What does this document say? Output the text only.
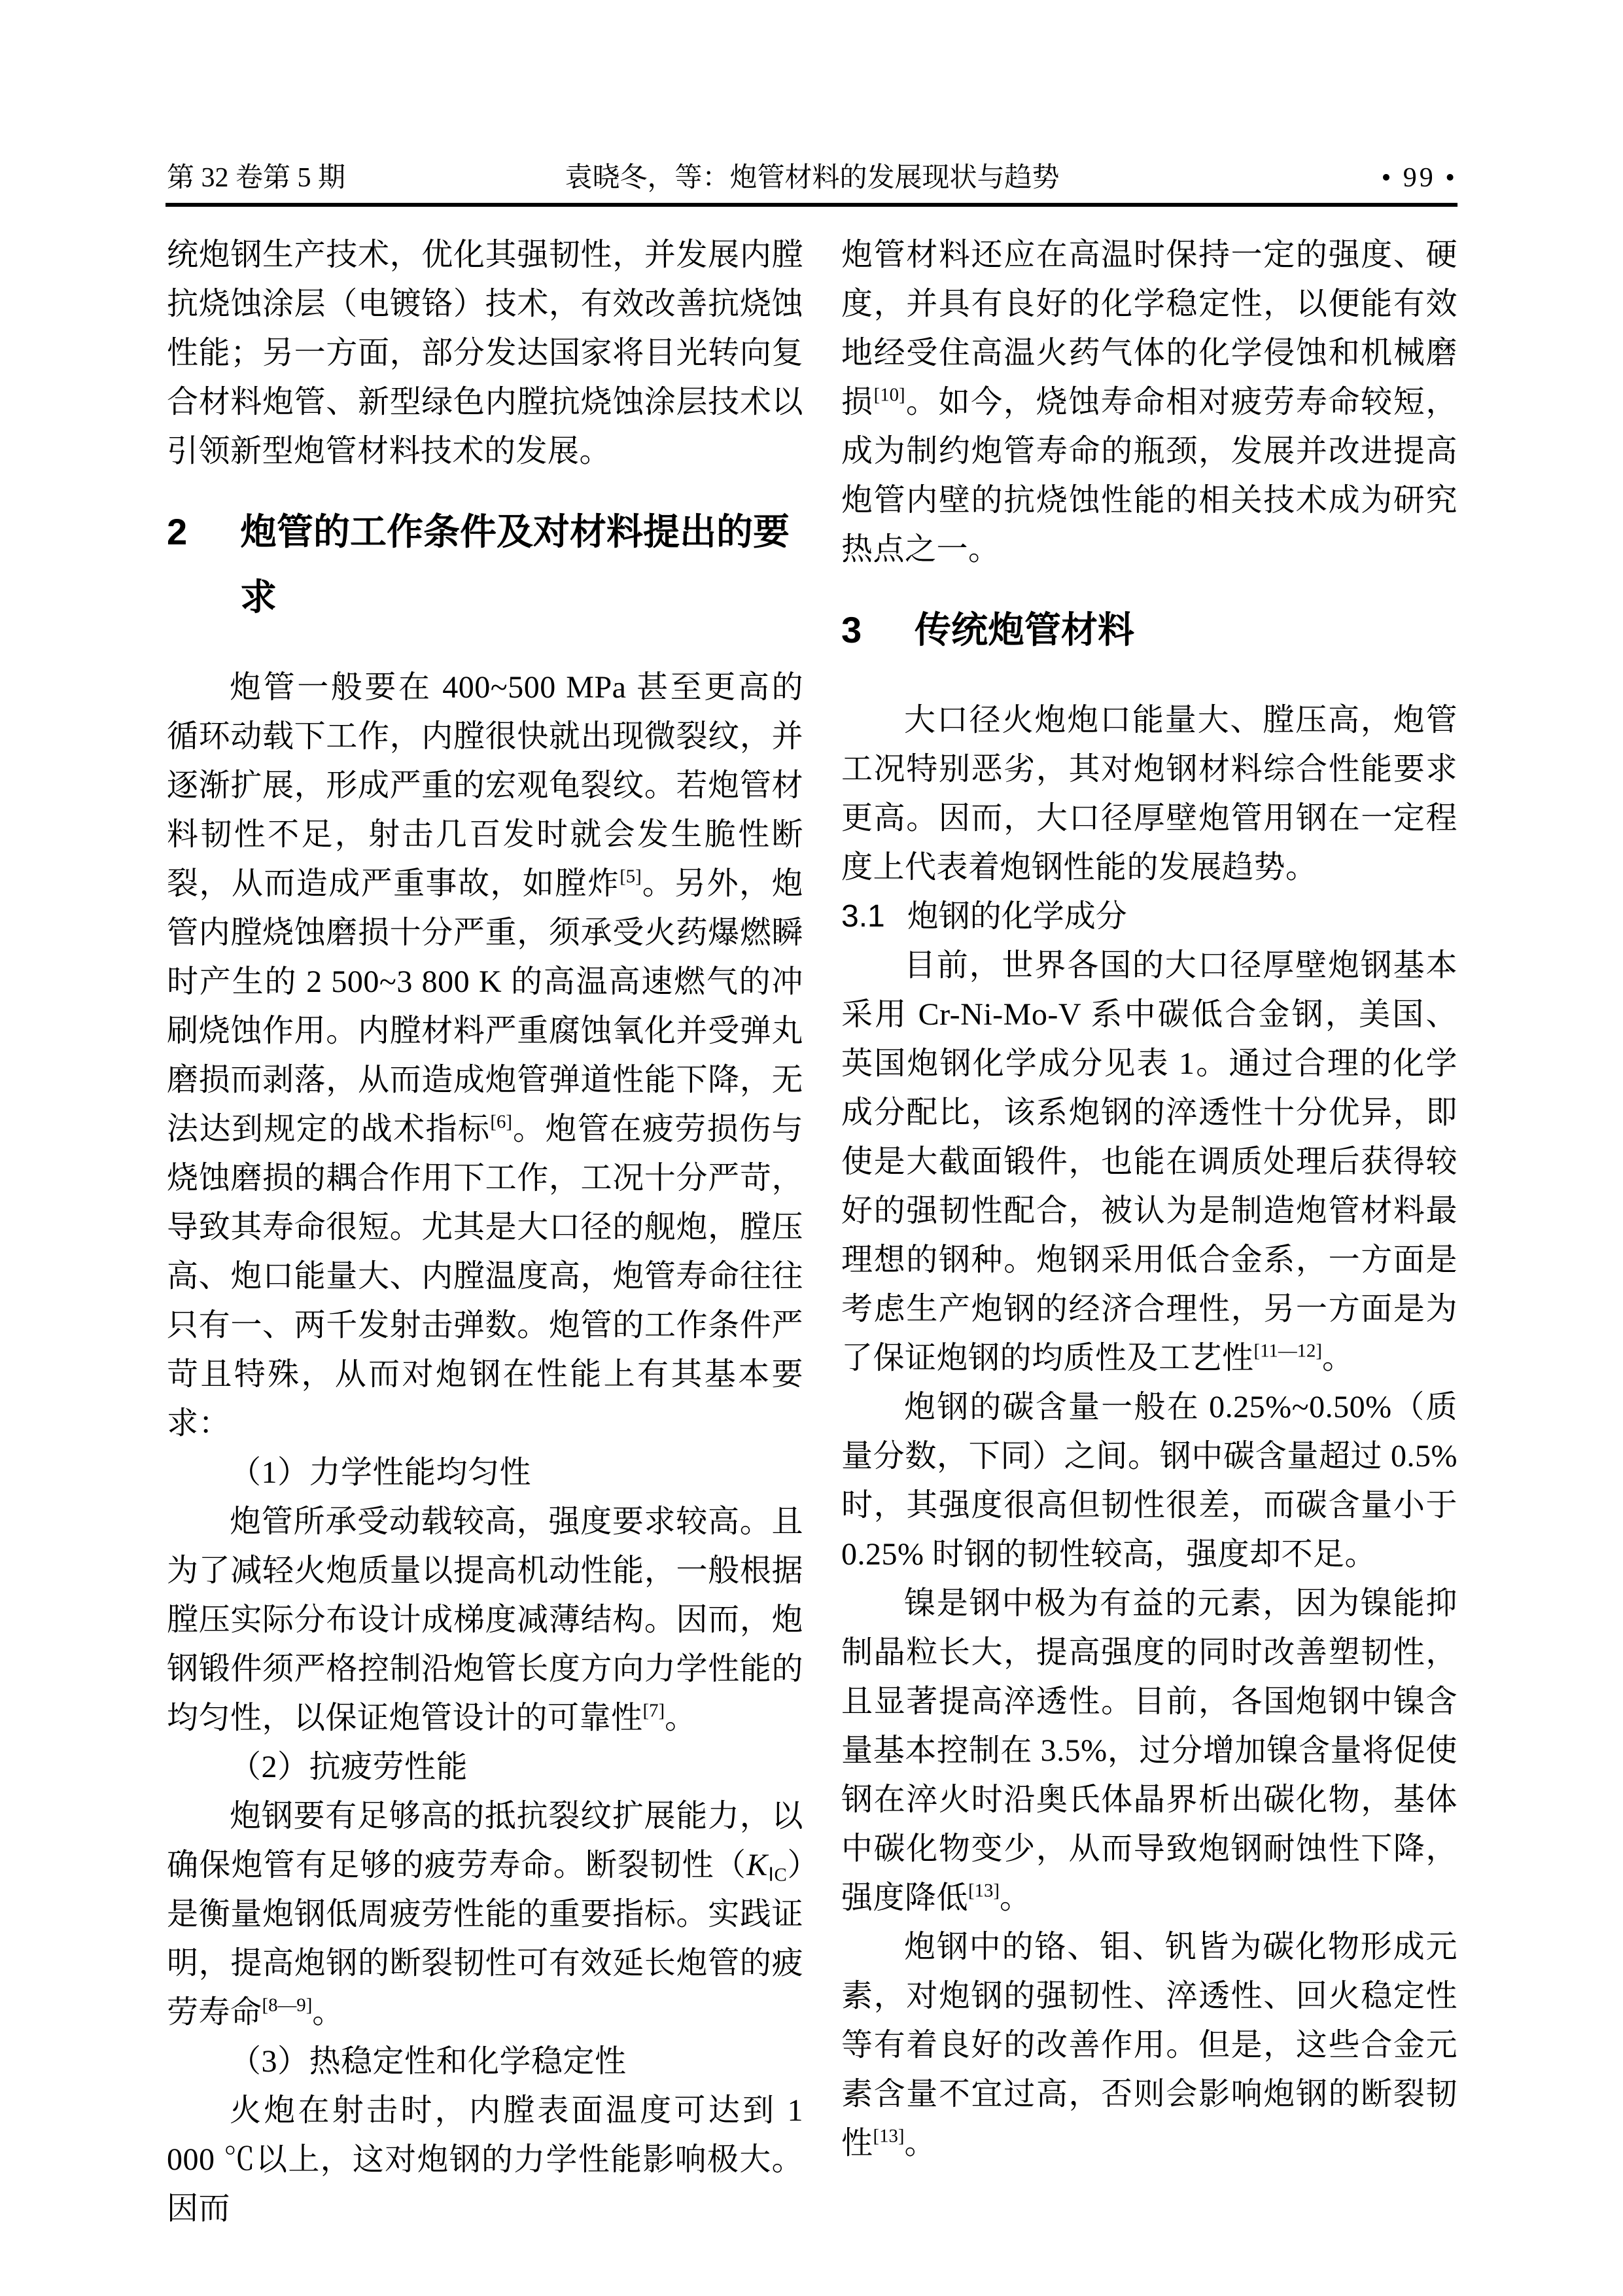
第 32 卷第 5 期	袁晓冬，等：炮管材料的发展现状与趋势	• 99 •

统炮钢生产技术，优化其强韧性，并发展内膛抗烧蚀涂层（电镀铬）技术，有效改善抗烧蚀性能；另一方面，部分发达国家将目光转向复合材料炮管、新型绿色内膛抗烧蚀涂层技术以引领新型炮管材料技术的发展。

2 炮管的工作条件及对材料提出的要求

炮管一般要在 400~500 MPa 甚至更高的循环动载下工作，内膛很快就出现微裂纹，并逐渐扩展，形成严重的宏观龟裂纹。若炮管材料韧性不足，射击几百发时就会发生脆性断裂，从而造成严重事故，如膛炸[5]。另外，炮管内膛烧蚀磨损十分严重，须承受火药爆燃瞬时产生的 2 500~3 800 K 的高温高速燃气的冲刷烧蚀作用。内膛材料严重腐蚀氧化并受弹丸磨损而剥落，从而造成炮管弹道性能下降，无法达到规定的战术指标[6]。炮管在疲劳损伤与烧蚀磨损的耦合作用下工作，工况十分严苛，导致其寿命很短。尤其是大口径的舰炮，膛压高、炮口能量大、内膛温度高，炮管寿命往往只有一、两千发射击弹数。炮管的工作条件严苛且特殊，从而对炮钢在性能上有其基本要求：

（1）力学性能均匀性

炮管所承受动载较高，强度要求较高。且为了减轻火炮质量以提高机动性能，一般根据膛压实际分布设计成梯度减薄结构。因而，炮钢锻件须严格控制沿炮管长度方向力学性能的均匀性，以保证炮管设计的可靠性[7]。

（2）抗疲劳性能

炮钢要有足够高的抵抗裂纹扩展能力，以确保炮管有足够的疲劳寿命。断裂韧性$(K_{ⅠC})$是衡量炮钢低周疲劳性能的重要指标。实践证明，提高炮钢的断裂韧性可有效延长炮管的疲劳寿命[8—9]。

（3）热稳定性和化学稳定性

火炮在射击时，内膛表面温度可达到 1 000 ℃以上，这对炮钢的力学性能影响极大。因而

炮管材料还应在高温时保持一定的强度、硬度，并具有良好的化学稳定性，以便能有效地经受住高温火药气体的化学侵蚀和机械磨损[10]。如今，烧蚀寿命相对疲劳寿命较短，成为制约炮管寿命的瓶颈，发展并改进提高炮管内壁的抗烧蚀性能的相关技术成为研究热点之一。

3 传统炮管材料

大口径火炮炮口能量大、膛压高，炮管工况特别恶劣，其对炮钢材料综合性能要求更高。因而，大口径厚壁炮管用钢在一定程度上代表着炮钢性能的发展趋势。

3.1 炮钢的化学成分

目前，世界各国的大口径厚壁炮钢基本采用 Cr-Ni-Mo-V 系中碳低合金钢，美国、英国炮钢化学成分见表 1。通过合理的化学成分配比，该系炮钢的淬透性十分优异，即使是大截面锻件，也能在调质处理后获得较好的强韧性配合，被认为是制造炮管材料最理想的钢种。炮钢采用低合金系，一方面是考虑生产炮钢的经济合理性，另一方面是为了保证炮钢的均质性及工艺性[11—12]。

炮钢的碳含量一般在 0.25%~0.50%（质量分数，下同）之间。钢中碳含量超过 0.5% 时，其强度很高但韧性很差，而碳含量小于 0.25% 时钢的韧性较高，强度却不足。

镍是钢中极为有益的元素，因为镍能抑制晶粒长大，提高强度的同时改善塑韧性，且显著提高淬透性。目前，各国炮钢中镍含量基本控制在 3.5%，过分增加镍含量将促使钢在淬火时沿奥氏体晶界析出碳化物，基体中碳化物变少，从而导致炮钢耐蚀性下降，强度降低[13]。

炮钢中的铬、钼、钒皆为碳化物形成元素，对炮钢的强韧性、淬透性、回火稳定性等有着良好的改善作用。但是，这些合金元素含量不宜过高，否则会影响炮钢的断裂韧性[13]。
